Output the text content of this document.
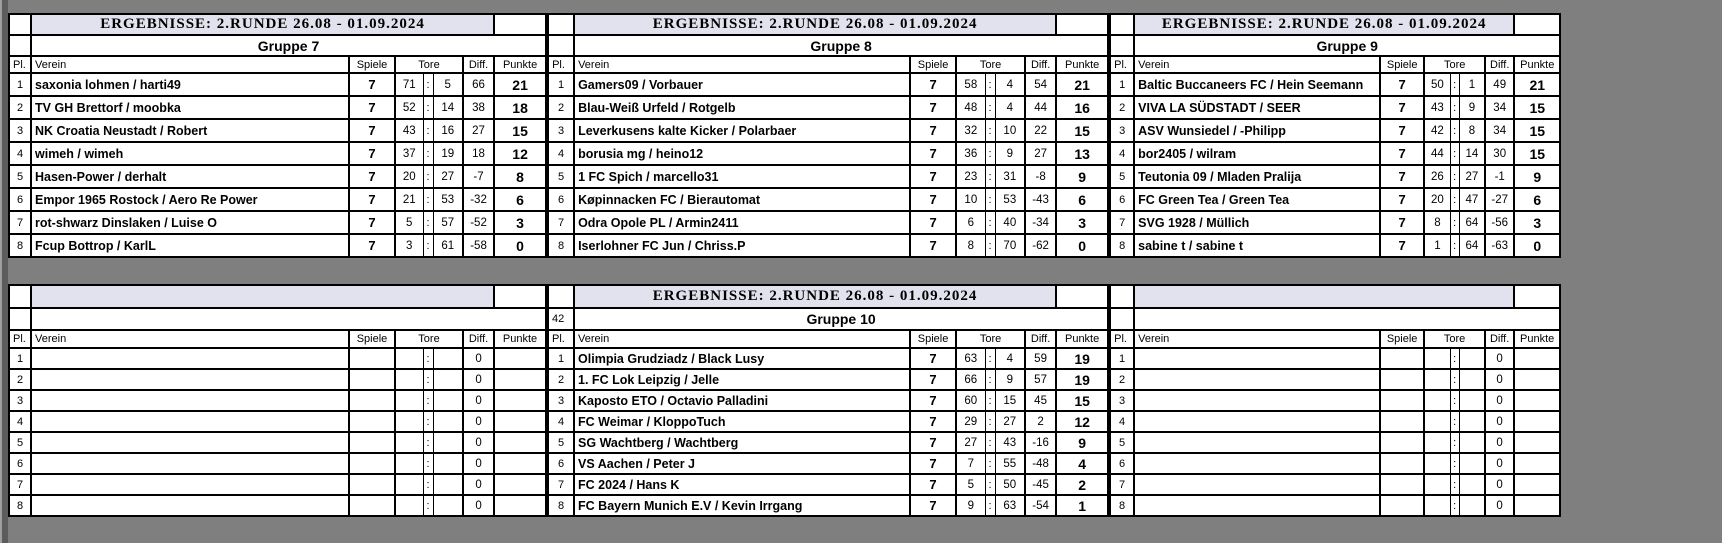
	ERGEBNISSE: 2.RUNDE 26.08 - 01.09.2024						
	Gruppe 7						
Pl.	Verein	Spiele	Tore			Diff.	Punkte
1	saxonia lohmen / harti49	7	71	:	5	66	21
2	TV GH Brettorf / moobka	7	52	:	14	38	18
3	NK Croatia Neustadt / Robert	7	43	:	16	27	15
4	wimeh / wimeh	7	37	:	19	18	12
5	Hasen-Power / derhalt	7	20	:	27	-7	8
6	Empor 1965 Rostock / Aero Re Power	7	21	:	53	-32	6
7	rot-shwarz Dinslaken / Luise O	7	5	:	57	-52	3
8	Fcup Bottrop / KarlL	7	3	:	61	-58	0
	ERGEBNISSE: 2.RUNDE 26.08 - 01.09.2024						
	Gruppe 8						
Pl.	Verein	Spiele	Tore			Diff.	Punkte
1	Gamers09 / Vorbauer	7	58	:	4	54	21
2	Blau-Weiß Urfeld / Rotgelb	7	48	:	4	44	16
3	Leverkusens kalte Kicker / Polarbaer	7	32	:	10	22	15
4	borusia mg / heino12	7	36	:	9	27	13
5	1 FC Spich / marcello31	7	23	:	31	-8	9
6	Køpinnacken FC / Bierautomat	7	10	:	53	-43	6
7	Odra Opole PL / Armin2411	7	6	:	40	-34	3
8	Iserlohner FC Jun / Chriss.P	7	8	:	70	-62	0
	ERGEBNISSE: 2.RUNDE 26.08 - 01.09.2024						
	Gruppe 9						
Pl.	Verein	Spiele	Tore			Diff.	Punkte
1	Baltic Buccaneers FC / Hein Seemann	7	50	:	1	49	21
2	VIVA LA SÜDSTADT / SEER	7	43	:	9	34	15
3	ASV Wunsiedel / -Philipp	7	42	:	8	34	15
4	bor2405 / wilram	7	44	:	14	30	15
5	Teutonia 09 / Mladen Pralija	7	26	:	27	-1	9
6	FC Green Tea / Green Tea	7	20	:	47	-27	6
7	SVG 1928 / Müllich	7	8	:	64	-56	3
8	sabine t / sabine t	7	1	:	64	-63	0

Pl.	Verein	Spiele	Tore			Diff.	Punkte
1				:		0	
2				:		0	
3				:		0	
4				:		0	
5				:		0	
6				:		0	
7				:		0	
8				:		0	
	ERGEBNISSE: 2.RUNDE 26.08 - 01.09.2024						
42	Gruppe 10						
Pl.	Verein	Spiele	Tore			Diff.	Punkte
1	Olimpia Grudziadz / Black Lusy	7	63	:	4	59	19
2	1. FC Lok Leipzig / Jelle	7	66	:	9	57	19
3	Kaposto ETO / Octavio Palladini	7	60	:	15	45	15
4	FC Weimar / KloppoTuch	7	29	:	27	2	12
5	SG Wachtberg / Wachtberg	7	27	:	43	-16	9
6	VS Aachen / Peter J	7	7	:	55	-48	4
7	FC 2024 / Hans K	7	5	:	50	-45	2
8	FC Bayern Munich E.V / Kevin Irrgang	7	9	:	63	-54	1

Pl.	Verein	Spiele	Tore			Diff.	Punkte
1				:		0	
2				:		0	
3				:		0	
4				:		0	
5				:		0	
6				:		0	
7				:		0	
8				:		0	
